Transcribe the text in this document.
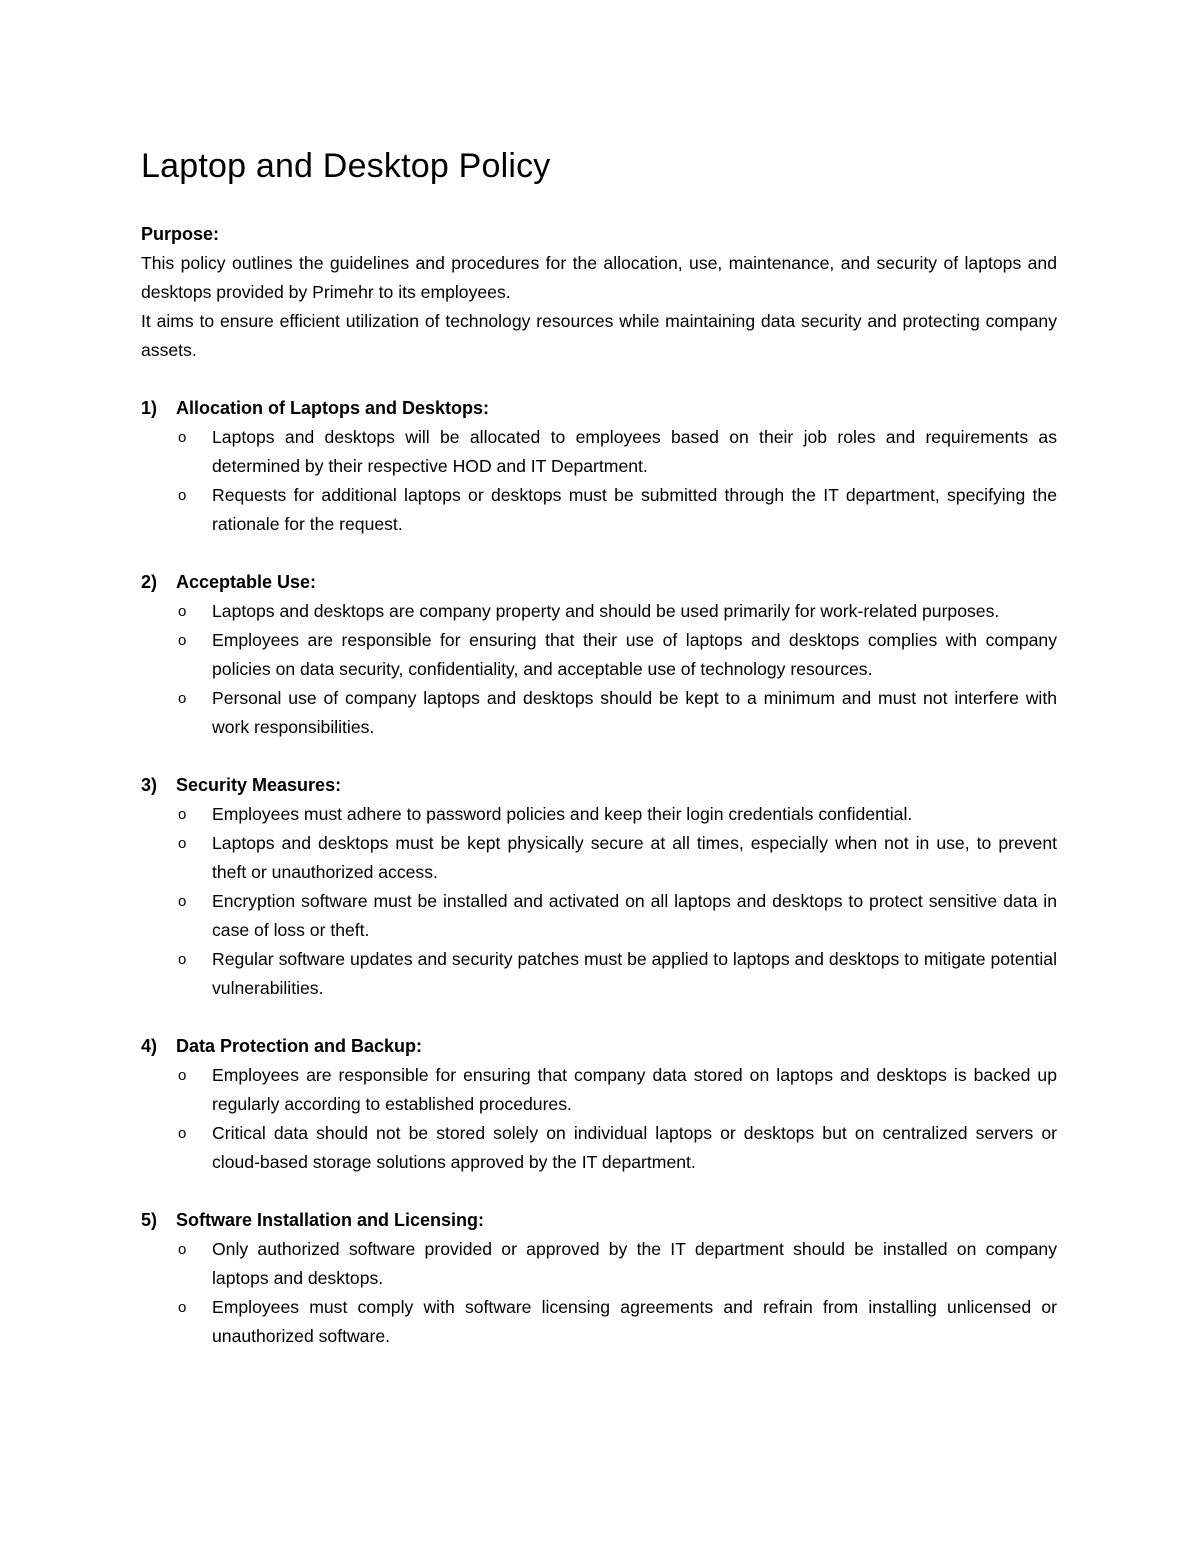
Laptop and Desktop Policy
Purpose:

This policy outlines the guidelines and procedures for the allocation, use, maintenance, and security of laptops and desktops provided by Primehr to its employees.

It aims to ensure efficient utilization of technology resources while maintaining data security and protecting company assets.

1)	Allocation of Laptops and Desktops:
o	Laptops and desktops will be allocated to employees based on their job roles and requirements as determined by their respective HOD and IT Department.
o	Requests for additional laptops or desktops must be submitted through the IT department, specifying the rationale for the request.
2)	Acceptable Use:
o	Laptops and desktops are company property and should be used primarily for work-related purposes.
o	Employees are responsible for ensuring that their use of laptops and desktops complies with company policies on data security, confidentiality, and acceptable use of technology resources.
o	Personal use of company laptops and desktops should be kept to a minimum and must not interfere with work responsibilities.
3)	Security Measures:
o	Employees must adhere to password policies and keep their login credentials confidential.
o	Laptops and desktops must be kept physically secure at all times, especially when not in use, to prevent theft or unauthorized access.
o	Encryption software must be installed and activated on all laptops and desktops to protect sensitive data in case of loss or theft.
o	Regular software updates and security patches must be applied to laptops and desktops to mitigate potential vulnerabilities.
4)	Data Protection and Backup:
o	Employees are responsible for ensuring that company data stored on laptops and desktops is backed up regularly according to established procedures.
o	Critical data should not be stored solely on individual laptops or desktops but on centralized servers or cloud-based storage solutions approved by the IT department.
5)	Software Installation and Licensing:
o	Only authorized software provided or approved by the IT department should be installed on company laptops and desktops.
o	Employees must comply with software licensing agreements and refrain from installing unlicensed or unauthorized software.
